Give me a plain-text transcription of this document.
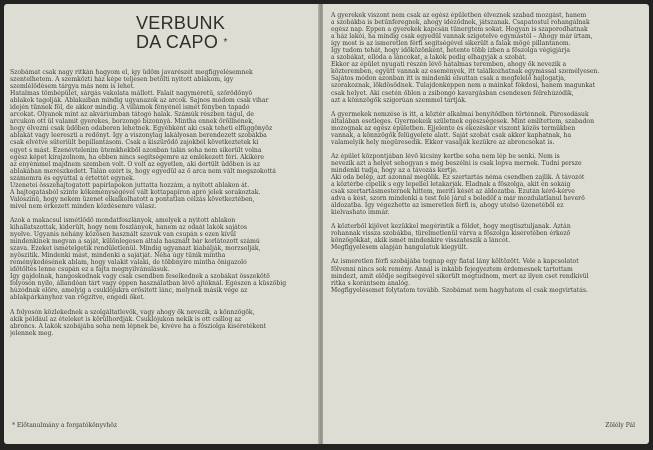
VERBUNK
DA CAPO *
Szobámat csak nagy ritkán hagyom el, így üdőm javarészét megfigyelésemnek
szentelhetem. A szemközti ház képe teljesen betölti nyitott ablakom, így
szemlélődésem tárgya más nem is lehet.
Hatalmas tömbépület, sárgás vakolata mállott. Falait nagyméretű, szőrödőnyö
ablakok tagolják. Ablakaiban mindig ugyanazok az arcok. Sajnos módom csak vihar
idején tűnnek föl, de akkor mindig. A villámok fényénél ismét fényben tapadó
arcokat. Olyanok mint az akváriumban tátogó halak. Számúk részben tágul, de
arcukon ott ül valamit gyerekes, borzongó bizonnyá. Mintha ennek öröllnének,
hogy élvezni csak üdőben odaberen lehetnek. Egyébként aki csak teheti elfüggönyöz
ablakát vagy leereszti a redőnyt. Így a viszonylag lakályosan berendezett szobákba
csak elvétve süteriült bepillantásom. Csak a kiszűrődő zajokból következtetek ki
egyet s mást. Ezenévtelenim ütemkhekből azonban talán soha nem sikerült volna
egész képet kirajzolnom, ha ebben nincs segítségemre az emlékezett féri. Akikére
az enyémmel majdnem szemben volt. Ő volt az egyetlen, aki dertült üdőben is az
ablakában merészkedett. Talán ezért is, hogy egyedül az ő arca nem vált megszokottá
számomra és egyúttal a értettét egynek.
Üzenetei összehajtogatott papírlapokon juttatta hozzám, a nyitott ablakon át.
A hajtogatásból szinte kökeménységével vált kottapapíron apró jelek sorakoztak.
Valószínű, hogy nekem üzenet elkalkolhatott a pontatlan célzás következtében,
mivel nem érkezett minden közdésemre válasz.
Azok a makacsul ismétlődő mondatfoszlányok, amelyek a nyitott ablakon
kihallatszottak, kiderült, hogy nem foszlányok, hanem az odaát lakók sajátos
nyelve. Ugyanis néhány közösen használt szavuk van csupán s ezen kívül
mindenkinek megvan a saját, különlegesen általa használt bár korlátozott számú
szava. Ezeket ismételgetik rendületlenül. Mindig ugyanazt kiabálják, morzsolják,
nyöszítik. Mindenki mást, mindenki a sajátját. Néha úgy tűnik mintha
reménykedésének ablam, hogy valakit valaki, de többnyire mintha önigazoló
időtöltés lenne csupán ez a fajta megnyilvánulásuk.
Így gajdolnak, hangoskodnak vagy csak csendben feselkednek a szobákat összekötő
folyosón nyílo, állandóan tárt vagy éppen használatban lévő ajtóknál. Egészen a küszöbig
húzódnak előre, amelyig a csuklójukra erősített lánc, melynek másik vége az
ablakpárkányhoz van rögzítve, engedi őket.
A folyosón közlekednek a szolgáltatlevők, vagy ahogy ők nevezik, a könnzögők,
akik például az ételeket is körülhordják. Csuklójukon nekik is ott csillog az
abroncs. A lakók szobájába soha nem lépnek be, kivéve ha a fősziolga kiséretékent
jelennek meg.
* Előtanulmány a forgatókönyvhöz
A gyerekek viszont nem csak az egész épületben élveznek szabad mozgást, hanem
a szobákba is betűnferegnek, ahogy idéződnek, játszanak. Csapatostul rohangálnak
egész nap. Éppen a gyerekek kapcsán tűnergtem sokat. Hogyan is szaporodhatnak
a ház lakói, ha mindig csak egyedül vannak szigetelve egymástól – Ahogy már írtam,
így most is az ismeretlen férfi segítségével sikerült a falak mögé pillantanom.
Így tudom tehát, hogy időközönként, hetente több ízben a főszolga végigjárja
a szobákat, ellóda a láncokat, a lakók pedig elhagyják a szobát.
Ekkor az épület nyugati részén lévő hatalmas teremben, ahogy ők nevezik a
közteremben, együtt vannak az események, itt találkozhatnak egymással személyesen.
Sajátos módon azonban itt is mindenki elsuttan csak a megfelelő hajlogatja,
szorakoznak, lökdösődnek. Tulajdonképpen nem a máinkat fókdosi, hanem magunkat
csak helyet. Aki csetén őblen a zsibongó kavargásban csendesen félrehúzódik,
azt a könnzögők szigorúan szemmel tartják.
A gyermekek nemzése is itt, a köztér alkalmai benyítődben történnek. Párosodásuk
általában esetleges. Gyermekeik születnek egészségesek. Mint említettem, szabadon
mozognak az egész épületben. Ejjelente és ékezéskor viszont közös termükben
vannak, a könnzögők felügyelete alatt. Saját szobát csak akkor kaphatnak, ha
valamelyik hely megüresedik. Ekkor vasalják kezükre az abroncsokat is.
Az épület központjában lévő kicsiny kertbe soha nem lép be senki. Nem is
nevezik azt a helyet sehogyan s még beszélni is csak lopva mernek. Tudni persze
mindenki tudja, hogy az a távozás kertje.
Aki oda belép, azt azonnal megölik. Ez szertartás néma csendben zajlik. A távozót
a köztérbe cipelik s egy lepellel letakarják. Eladnak a főszolga, akit én sokáig
csak szertartásmesternek hittem, merítí kését az áldozatba. Ezután kérő-kérve
adva a kést, szorn mindenki a test felé járul s beledöf a már mozdulatlanul heverő
áldozatba. Így végezhette az ismeretlen férfi is, ahogy utolsó üzenetéből ez
kielvashato immár.
A közterből kijövet kezükkel megérintik a földet, hogy megtisztuljanak. Aztán
rohannak vissza szobákba, türelmetlenül várva a főszolga kiséretében érkező
könzögőkkat, akik ismét mindenkire visszateszik a láncot.
Megfigyelésem alapján hangulatuk kiegyült.
Az ismeretlen férfi szobájába tegnap egy fiatal lány költözött. Vele a kapcsolatot
fölvenni nincs sok remény. Annál is inkább fejegyeztem érdemesnek tartottam
mindezt, amit elődje segítségével sikerült megtudnom, mert az ilyen cset rendkívül
ritka s korántsem analóg.
Megfigyelésemet folytatom tovább. Szobámat nem hagyhatom el csak megvirtatás.
Zölóly Pál
